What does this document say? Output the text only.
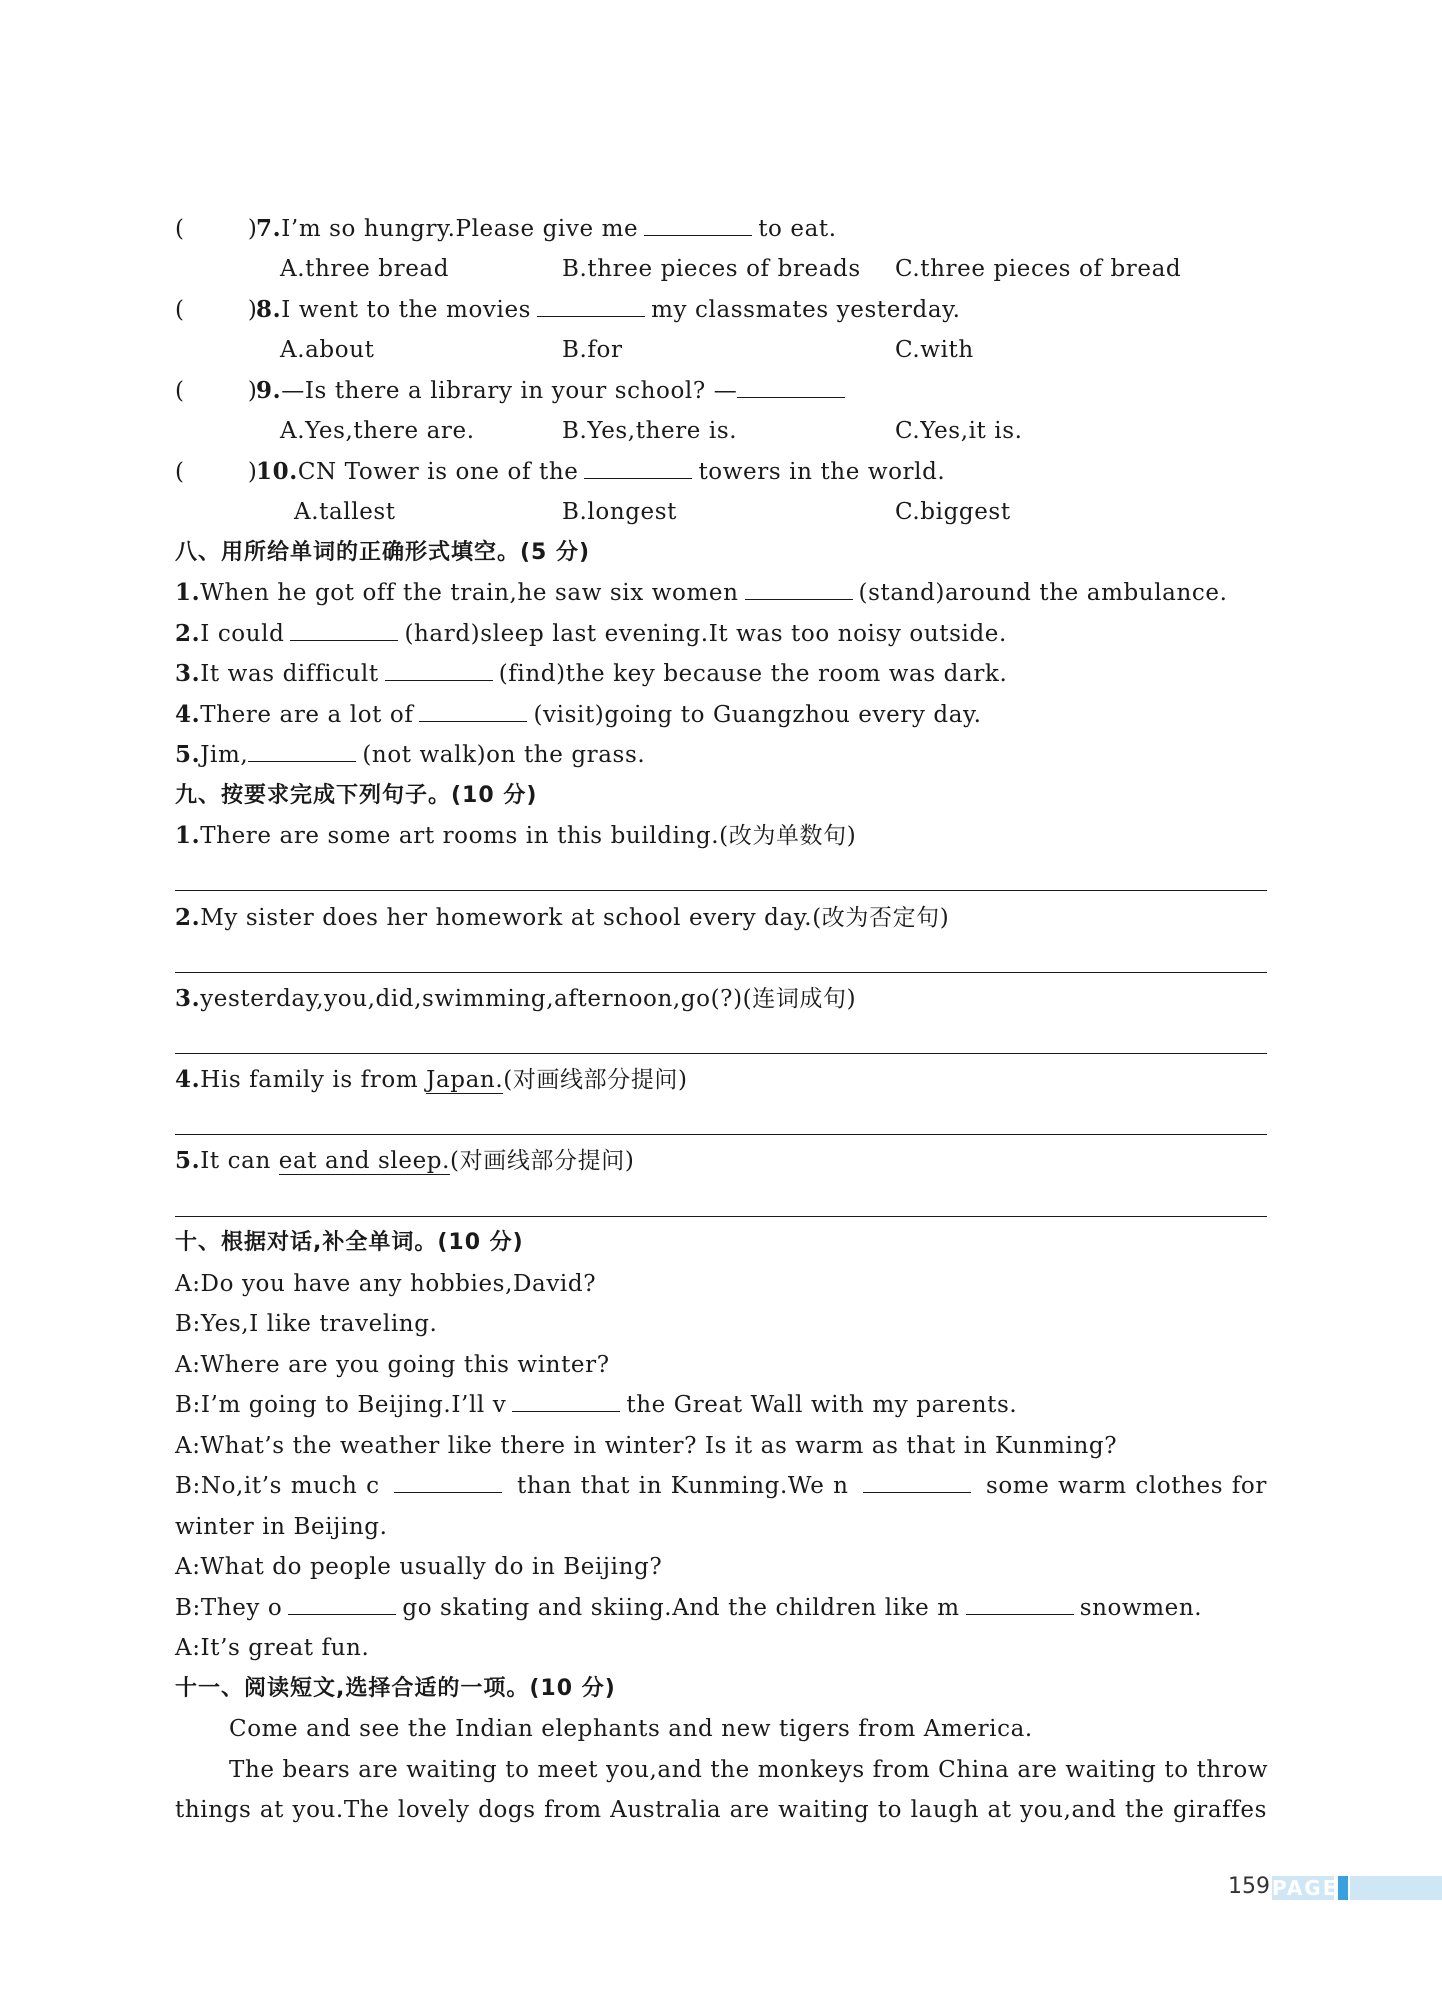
(        )
7.I’m so hungry.Please give me	to eat.
A.three bread	B.three pieces of breads C.three pieces of bread
(        )
8.I went to the movies	my classmates yesterday.
A.about	B.for	C.with
(        )
9.—Is there a library in your school? —
A.Yes,there are.	B.Yes,there is.	C.Yes,it is.
(        )
10.CN Tower is one of the	towers in the world.
A.tallest	B.longest	C.biggest
八、用所给单词的正确形式填空。(5 分)
1.When he got off the train,he saw six women	(stand)around the ambulance.
2.I could	(hard)sleep last evening.It was too noisy outside.
3.It was difficult	(find)the key because the room was dark.
4.There are a lot of	(visit)going to Guangzhou every day.
5.Jim,	(not walk)on the grass.
九、按要求完成下列句子。(10 分)
1.There are some art rooms in this building.(改为单数句)
2.My sister does her homework at school every day.(改为否定句)
3.yesterday,you,did,swimming,afternoon,go(?)(连词成句)
4.His family is from Japan.(对画线部分提问)
5.It can eat and sleep.(对画线部分提问)
十、根据对话,补全单词。(10 分)
A:Do you have any hobbies,David?
B:Yes,I like traveling.
A:Where are you going this winter?
B:I’m going to Beijing.I’ll v	the Great Wall with my parents.
A:What’s the weather like there in winter? Is it as warm as that in Kunming?
B:No,it’s much c	than that in Kunming.We n	some warm clothes for
winter in Beijing.
A:What do people usually do in Beijing?
B:They o	go skating and skiing.And the children like m	snowmen.
A:It’s great fun.
十一、阅读短文,选择合适的一项。(10 分)
Come and see the Indian elephants and new tigers from America.
The bears are waiting to meet you,and the monkeys from China are waiting to throw
things at you.The lovely dogs from Australia are waiting to laugh at you,and the giraffes
159 PAGE
